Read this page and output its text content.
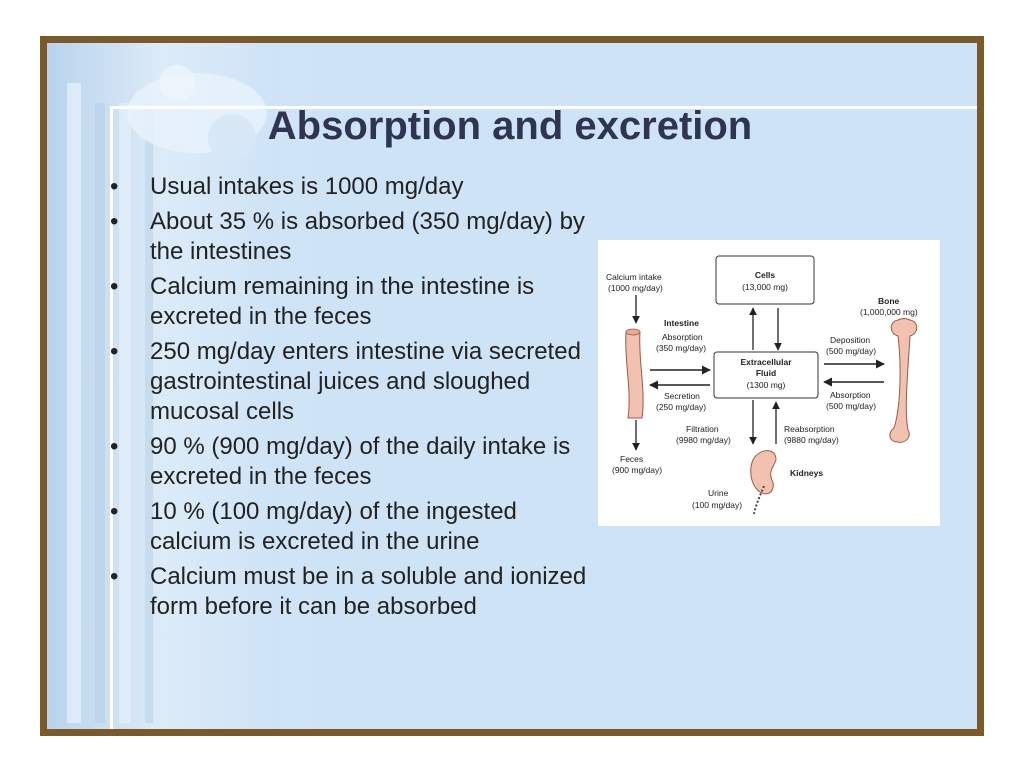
Absorption and excretion
• Usual intakes is 1000 mg/day
• About 35 % is absorbed (350 mg/day) by the intestines
• Calcium remaining in the intestine is excreted in the feces
• 250 mg/day enters intestine via secreted gastrointestinal juices and sloughed mucosal cells
• 90 % (900 mg/day) of the daily intake is excreted in the feces
• 10 % (100 mg/day) of the ingested calcium is excreted in the urine
• Calcium must be in a soluble and ionized form before it can be absorbed
Calcium intake
(1000 mg/day)
Feces
(900 mg/day)
Intestine
Absorption
(350 mg/day)
Secretion
(250 mg/day)
Cells
(13,000 mg)
Extracellular
Fluid
(1300 mg)
Filtration
(9980 mg/day)
Reabsorption
(9880 mg/day)
Kidneys
Urine
(100 mg/day)
Bone
(1,000,000 mg)
Deposition
(500 mg/day)
Absorption
(500 mg/day)
